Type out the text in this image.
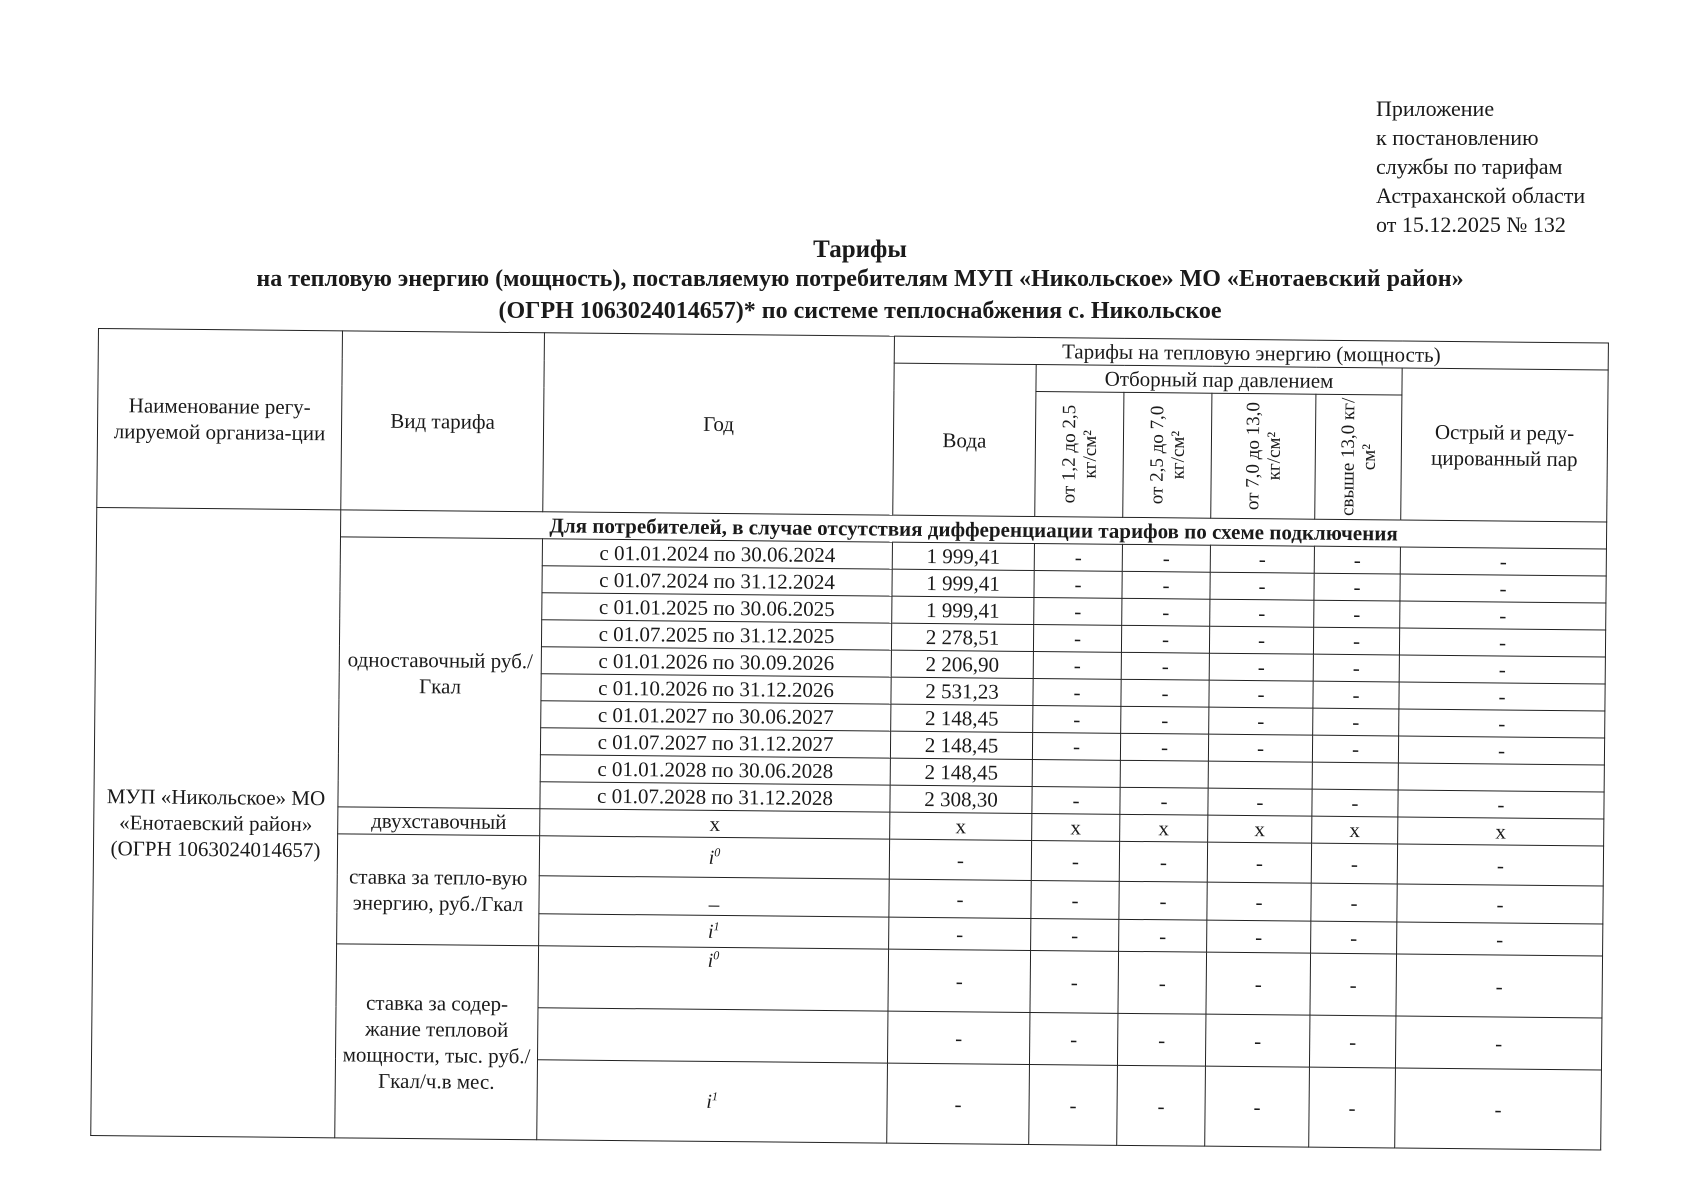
Приложение
к постановлению
службы по тарифам
Астраханской области
от 15.12.2025 № 132
Тарифы
на тепловую энергию (мощность), поставляемую потребителям МУП «Никольское» МО «Енотаевский район»
(ОГРН 1063024014657)* по системе теплоснабжения с. Никольское
Наименование регу-лируемой организа-ции	Вид тарифа	Год	Тарифы на тепловую энергию (мощность)					
			Вода	Отборный пар давлением				Острый и реду-цированный пар

				от 1,2 до 2,5 кг/см²	от 2,5 до 7,0 кг/см²	от 7,0 до 13,0 кг/см²	свыше 13,0 кг/см²	

МУП «Никольское» МО «Енотаевский район» (ОГРН 1063024014657)	Для потребителей, в случае отсутствия дифференциации тарифов по схеме подключения							
	одноставочный руб./Гкал	с 01.01.2024 по 30.06.2024	1 999,41	-	-	-	-	-
		с 01.07.2024 по 31.12.2024	1 999,41	-	-	-	-	-
		с 01.01.2025 по 30.06.2025	1 999,41	-	-	-	-	-
		с 01.07.2025 по 31.12.2025	2 278,51	-	-	-	-	-
		с 01.01.2026 по 30.09.2026	2 206,90	-	-	-	-	-
		с 01.10.2026 по 31.12.2026	2 531,23	-	-	-	-	-
		с 01.01.2027 по 30.06.2027	2 148,45	-	-	-	-	-
		с 01.07.2027 по 31.12.2027	2 148,45	-	-	-	-	-
		с 01.01.2028 по 30.06.2028	2 148,45					
		с 01.07.2028 по 31.12.2028	2 308,30	-	-	-	-	-
	двухставочный	х	х	х	х	х	х	х
	ставка за тепло-вую энергию, руб./Гкал	$i^0$	-	-	-	-	-	-
		_	-	-	-	-	-	-
		$i^1$	-	-	-	-	-	-
	ставка за содер-жание тепловой мощности, тыс. руб./Гкал/ч.в мес.	$i^0$	-	-	-	-	-	-
			-	-	-	-	-	-
		$i^1$	-	-	-	-	-	-
